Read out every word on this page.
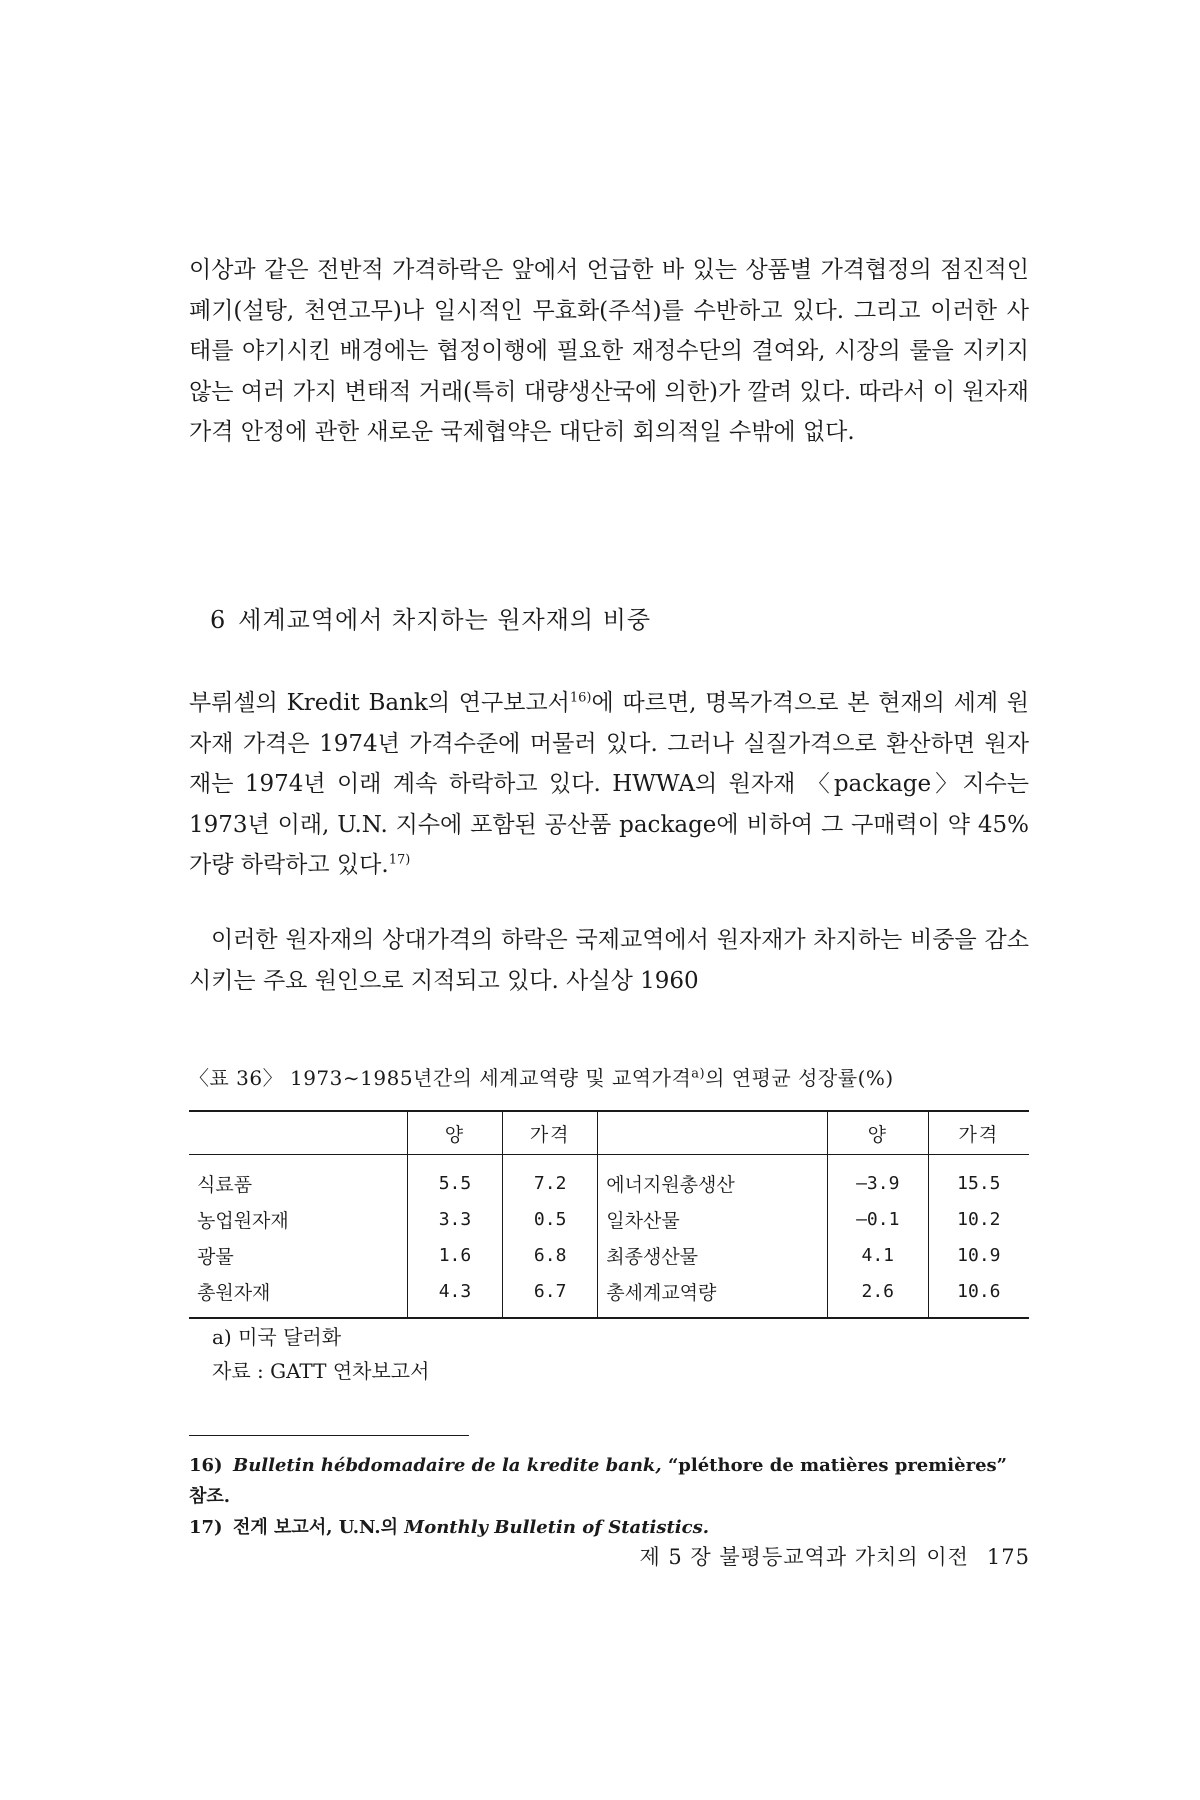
이상과 같은 전반적 가격하락은 앞에서 언급한 바 있는 상품별 가격협정의 점진적인 폐기(설탕, 천연고무)나 일시적인 무효화(주석)를 수반하고 있다. 그리고 이러한 사태를 야기시킨 배경에는 협정이행에 필요한 재정수단의 결여와, 시장의 룰을 지키지 않는 여러 가지 변태적 거래(특히 대량생산국에 의한)가 깔려 있다. 따라서 이 원자재가격 안정에 관한 새로운 국제협약은 대단히 회의적일 수밖에 없다.

6 세계교역에서 차지하는 원자재의 비중

부뤼셀의 Kredit Bank의 연구보고서$^{16)}$에 따르면, 명목가격으로 본 현재의 세계 원자재 가격은 1974년 가격수준에 머물러 있다. 그러나 실질가격으로 환산하면 원자재는 1974년 이래 계속 하락하고 있다. HWWA의 원자재 〈package〉지수는 1973년 이래, U.N. 지수에 포함된 공산품 package에 비하여 그 구매력이 약 45% 가량 하락하고 있다.$^{17)}$

이러한 원자재의 상대가격의 하락은 국제교역에서 원자재가 차지하는 비중을 감소시키는 주요 원인으로 지적되고 있다. 사실상 1960

〈표 36〉 1973∼1985년간의 세계교역량 및 교역가격$^{a)}$의 연평균 성장률(%)
	양	가격		양	가격
식료품	5.5	7.2	에너지원총생산	—3.9	15.5
농업원자재	3.3	0.5	일차산물	—0.1	10.2
광물	1.6	6.8	최종생산물	4.1	10.9
총원자재	4.3	6.7	총세계교역량	2.6	10.6
a) 미국 달러화
자료 : GATT 연차보고서
16) Bulletin hébdomadaire de la kredite bank, “pléthore de matières premières”
참조.
17) 전게 보고서, U.N.의 Monthly Bulletin of Statistics.
제 5 장 불평등교역과 가치의 이전 175
